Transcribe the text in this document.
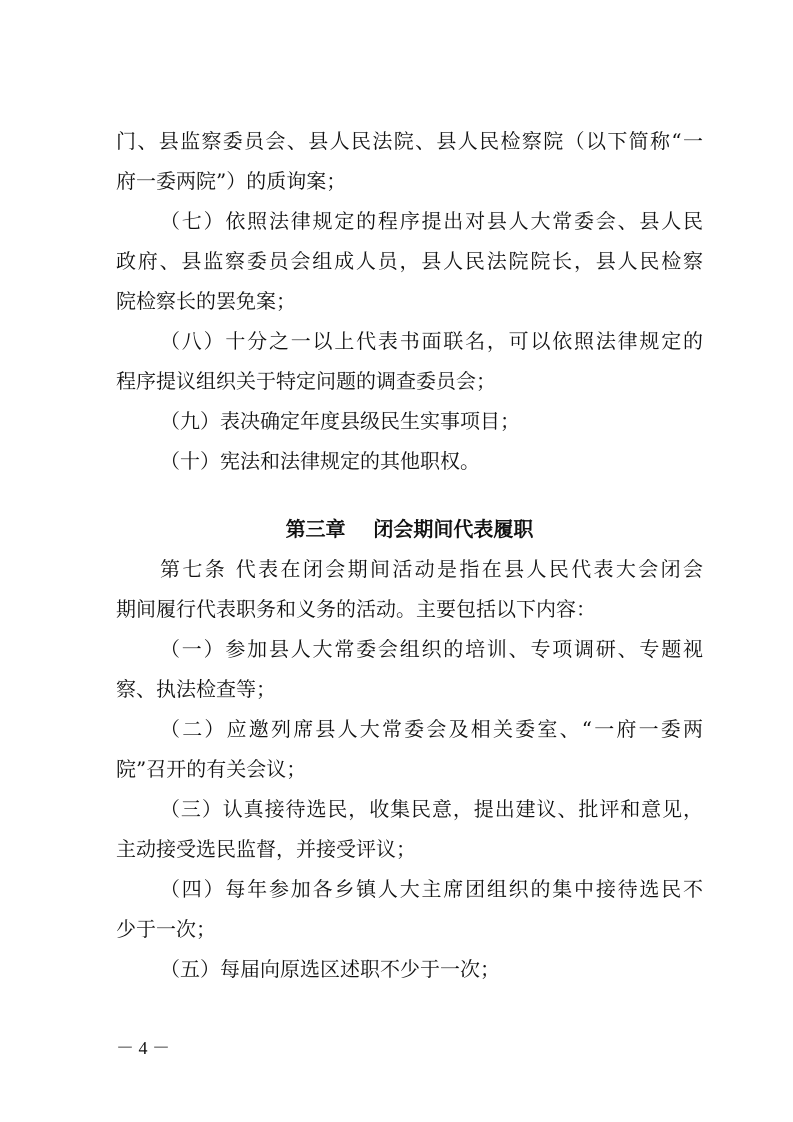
门、县监察委员会、县人民法院、县人民检察院（以下简称“一
府一委两院”）的质询案；
（七）依照法律规定的程序提出对县人大常委会、县人民
政府、县监察委员会组成人员，县人民法院院长，县人民检察
院检察长的罢免案；
（八）十分之一以上代表书面联名，可以依照法律规定的
程序提议组织关于特定问题的调查委员会；
（九）表决确定年度县级民生实事项目；
（十）宪法和法律规定的其他职权。
第三章    闭会期间代表履职
第七条 代表在闭会期间活动是指在县人民代表大会闭会
期间履行代表职务和义务的活动。主要包括以下内容：
（一）参加县人大常委会组织的培训、专项调研、专题视
察、执法检查等；
（二）应邀列席县人大常委会及相关委室、“一府一委两
院”召开的有关会议；
（三）认真接待选民，收集民意，提出建议、批评和意见，
主动接受选民监督，并接受评议；
（四）每年参加各乡镇人大主席团组织的集中接待选民不
少于一次；
（五）每届向原选区述职不少于一次；
－ 4 －
